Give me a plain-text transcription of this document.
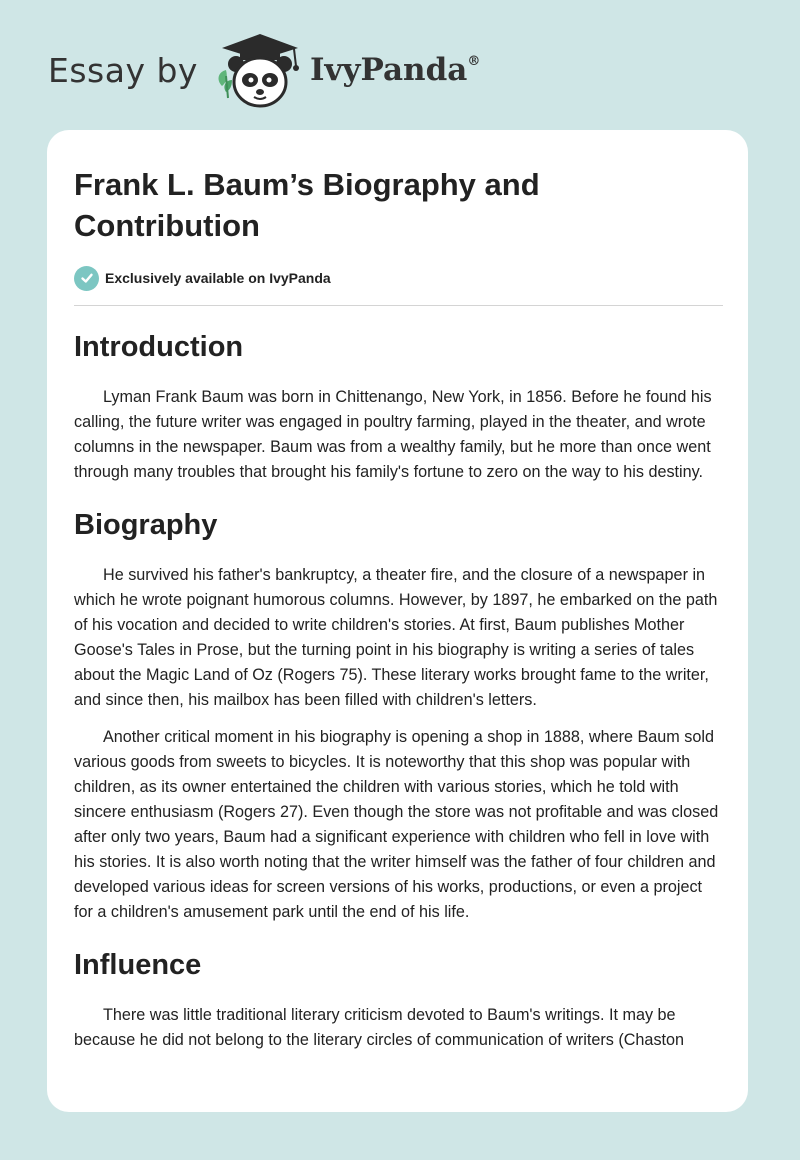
Essay by	IvyPanda®
Frank L. Baum’s Biography and Contribution
Exclusively available on IvyPanda
Introduction

Lyman Frank Baum was born in Chittenango, New York, in 1856. Before he found his calling, the future writer was engaged in poultry farming, played in the theater, and wrote columns in the newspaper. Baum was from a wealthy family, but he more than once went through many troubles that brought his family's fortune to zero on the way to his destiny.

Biography

He survived his father's bankruptcy, a theater fire, and the closure of a newspaper in which he wrote poignant humorous columns. However, by 1897, he embarked on the path of his vocation and decided to write children's stories. At first, Baum publishes Mother Goose's Tales in Prose, but the turning point in his biography is writing a series of tales about the Magic Land of Oz (Rogers 75). These literary works brought fame to the writer, and since then, his mailbox has been filled with children's letters.

Another critical moment in his biography is opening a shop in 1888, where Baum sold various goods from sweets to bicycles. It is noteworthy that this shop was popular with children, as its owner entertained the children with various stories, which he told with sincere enthusiasm (Rogers 27). Even though the store was not profitable and was closed after only two years, Baum had a significant experience with children who fell in love with his stories. It is also worth noting that the writer himself was the father of four children and developed various ideas for screen versions of his works, productions, or even a project for a children's amusement park until the end of his life.

Influence

There was little traditional literary criticism devoted to Baum's writings. It may be because he did not belong to the literary circles of communication of writers (Chaston
